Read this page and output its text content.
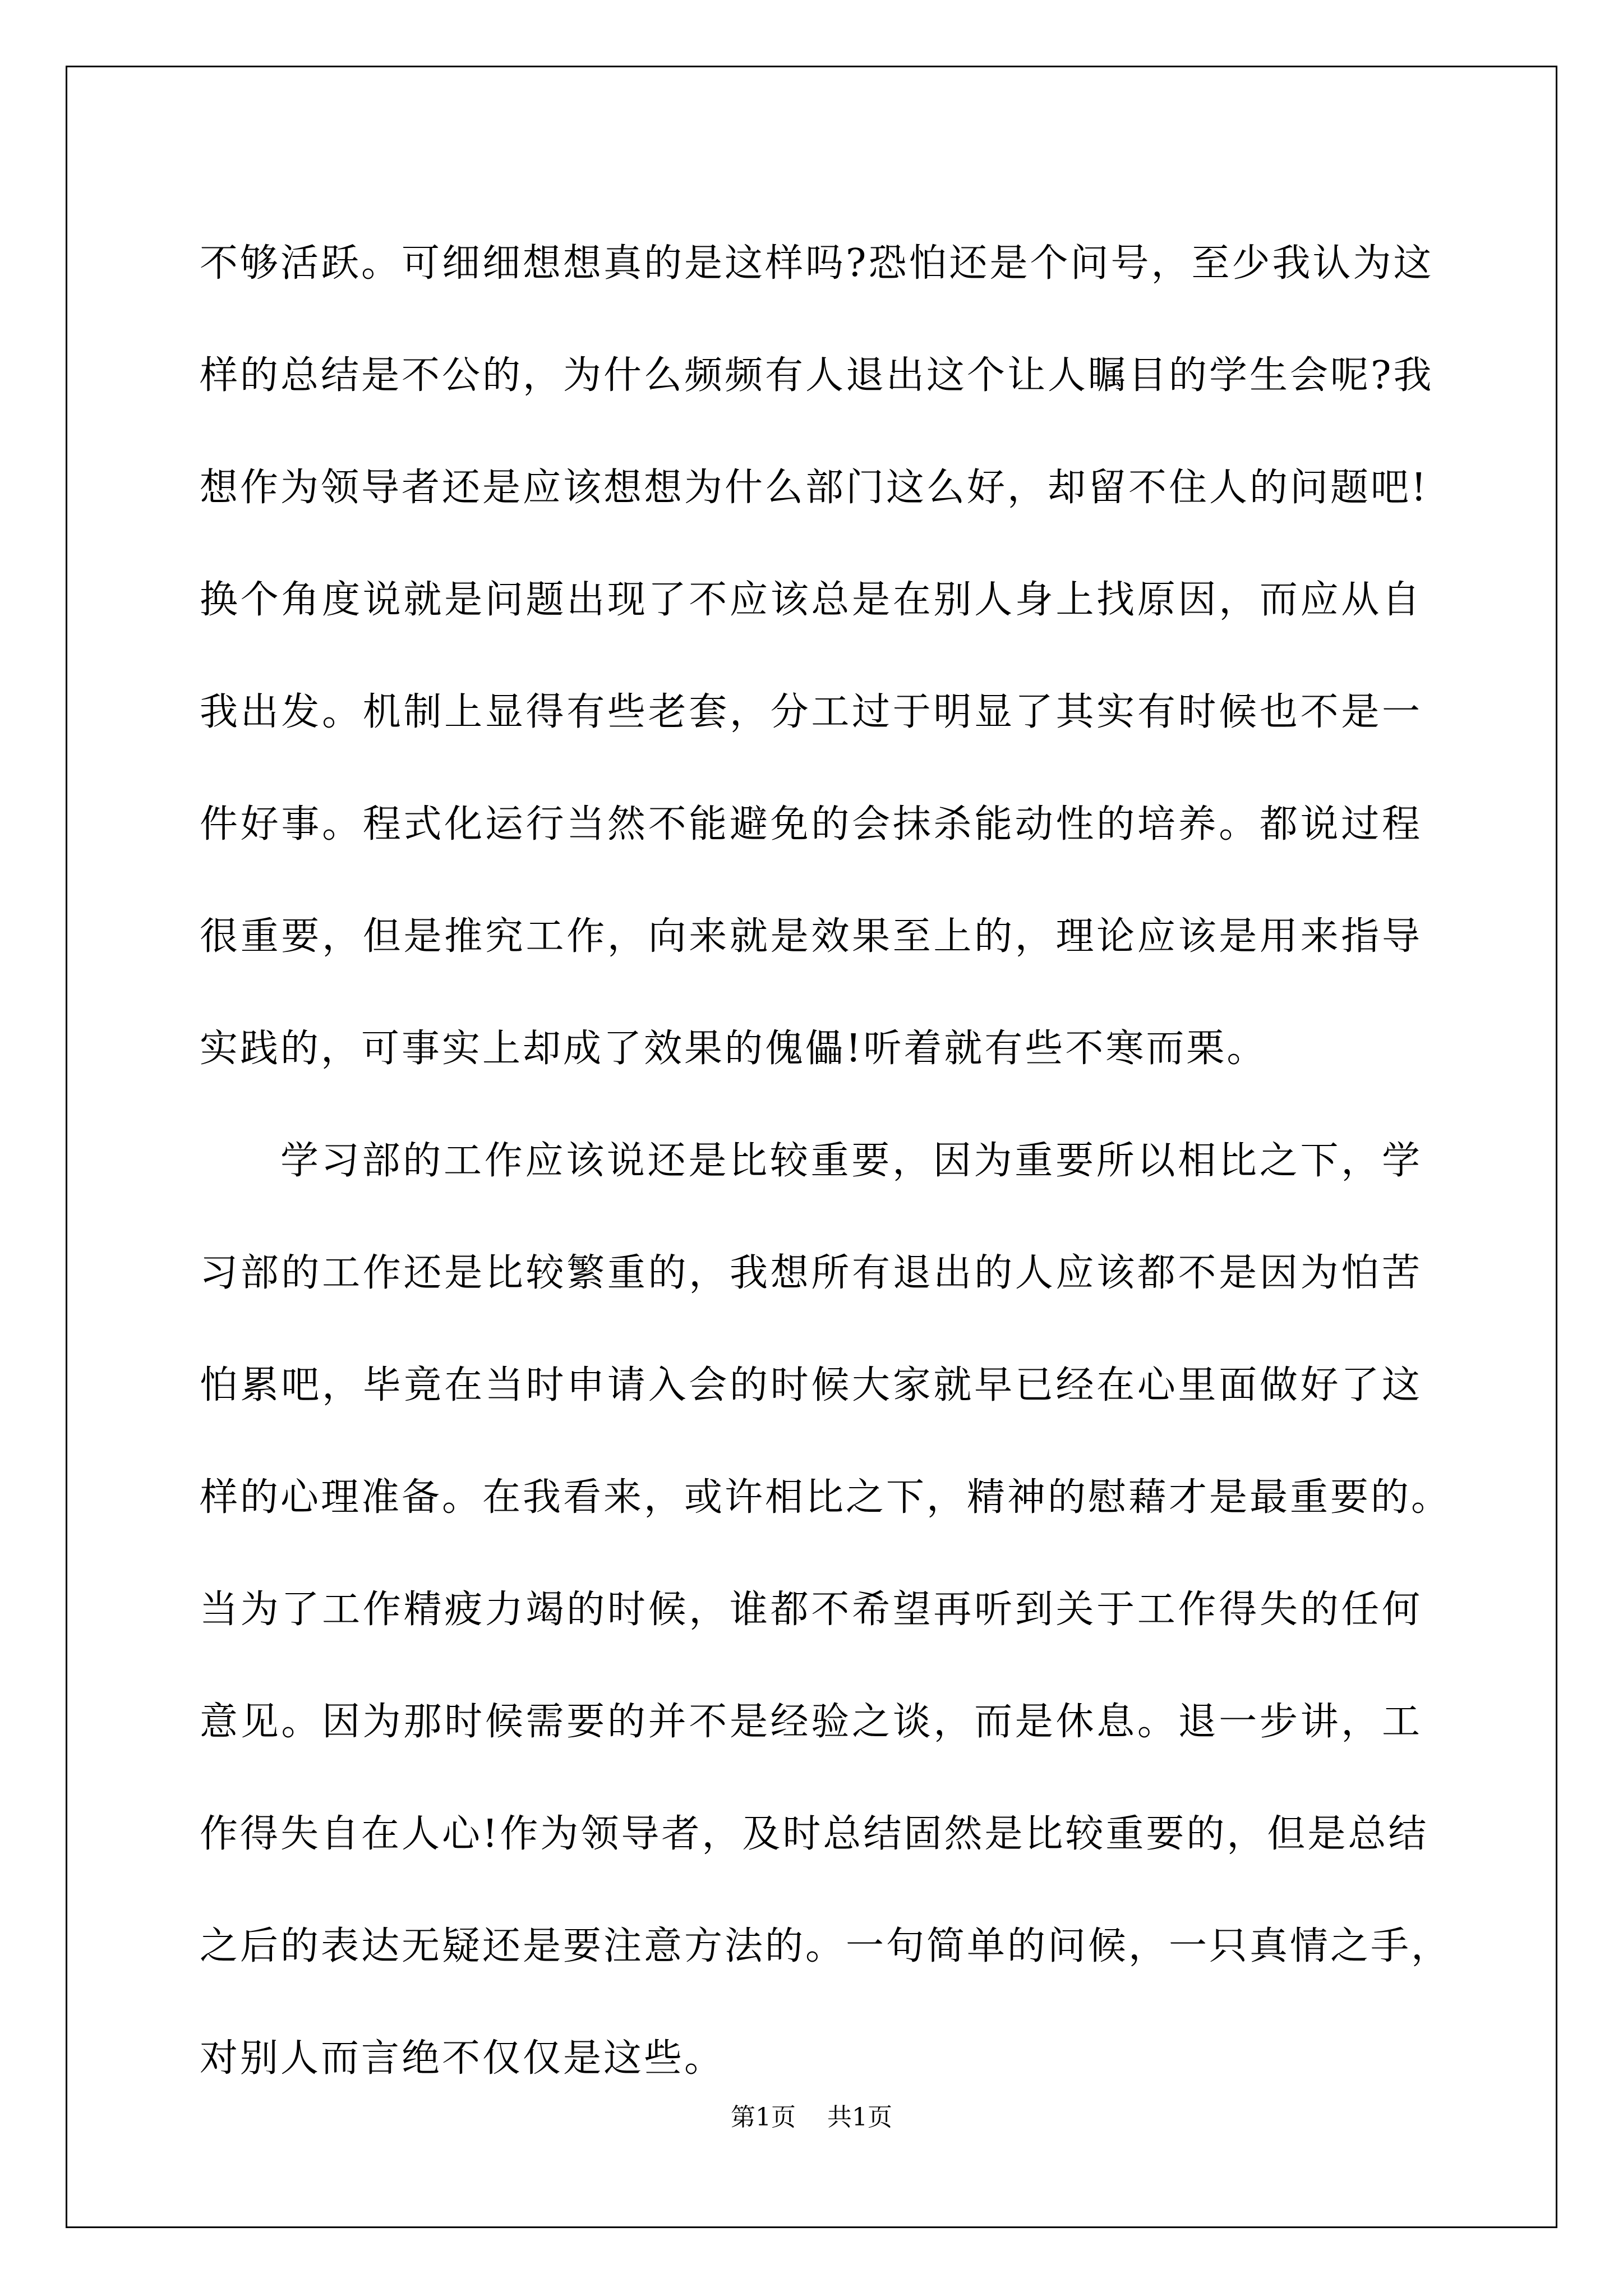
不够活跃。可细细想想真的是这样吗?恐怕还是个问号，至少我认为这
样的总结是不公的，为什么频频有人退出这个让人瞩目的学生会呢?我
想作为领导者还是应该想想为什么部门这么好，却留不住人的问题吧!
换个角度说就是问题出现了不应该总是在别人身上找原因，而应从自
我出发。机制上显得有些老套，分工过于明显了其实有时候也不是一
件好事。程式化运行当然不能避免的会抹杀能动性的培养。都说过程
很重要，但是推究工作，向来就是效果至上的，理论应该是用来指导
实践的，可事实上却成了效果的傀儡!听着就有些不寒而栗。

学习部的工作应该说还是比较重要，因为重要所以相比之下，学
习部的工作还是比较繁重的，我想所有退出的人应该都不是因为怕苦
怕累吧，毕竟在当时申请入会的时候大家就早已经在心里面做好了这
样的心理准备。在我看来，或许相比之下，精神的慰藉才是最重要的。
当为了工作精疲力竭的时候，谁都不希望再听到关于工作得失的任何
意见。因为那时候需要的并不是经验之谈，而是休息。退一步讲，工
作得失自在人心!作为领导者，及时总结固然是比较重要的，但是总结
之后的表达无疑还是要注意方法的。一句简单的问候，一只真情之手，
对别人而言绝不仅仅是这些。

第1页 共1页
